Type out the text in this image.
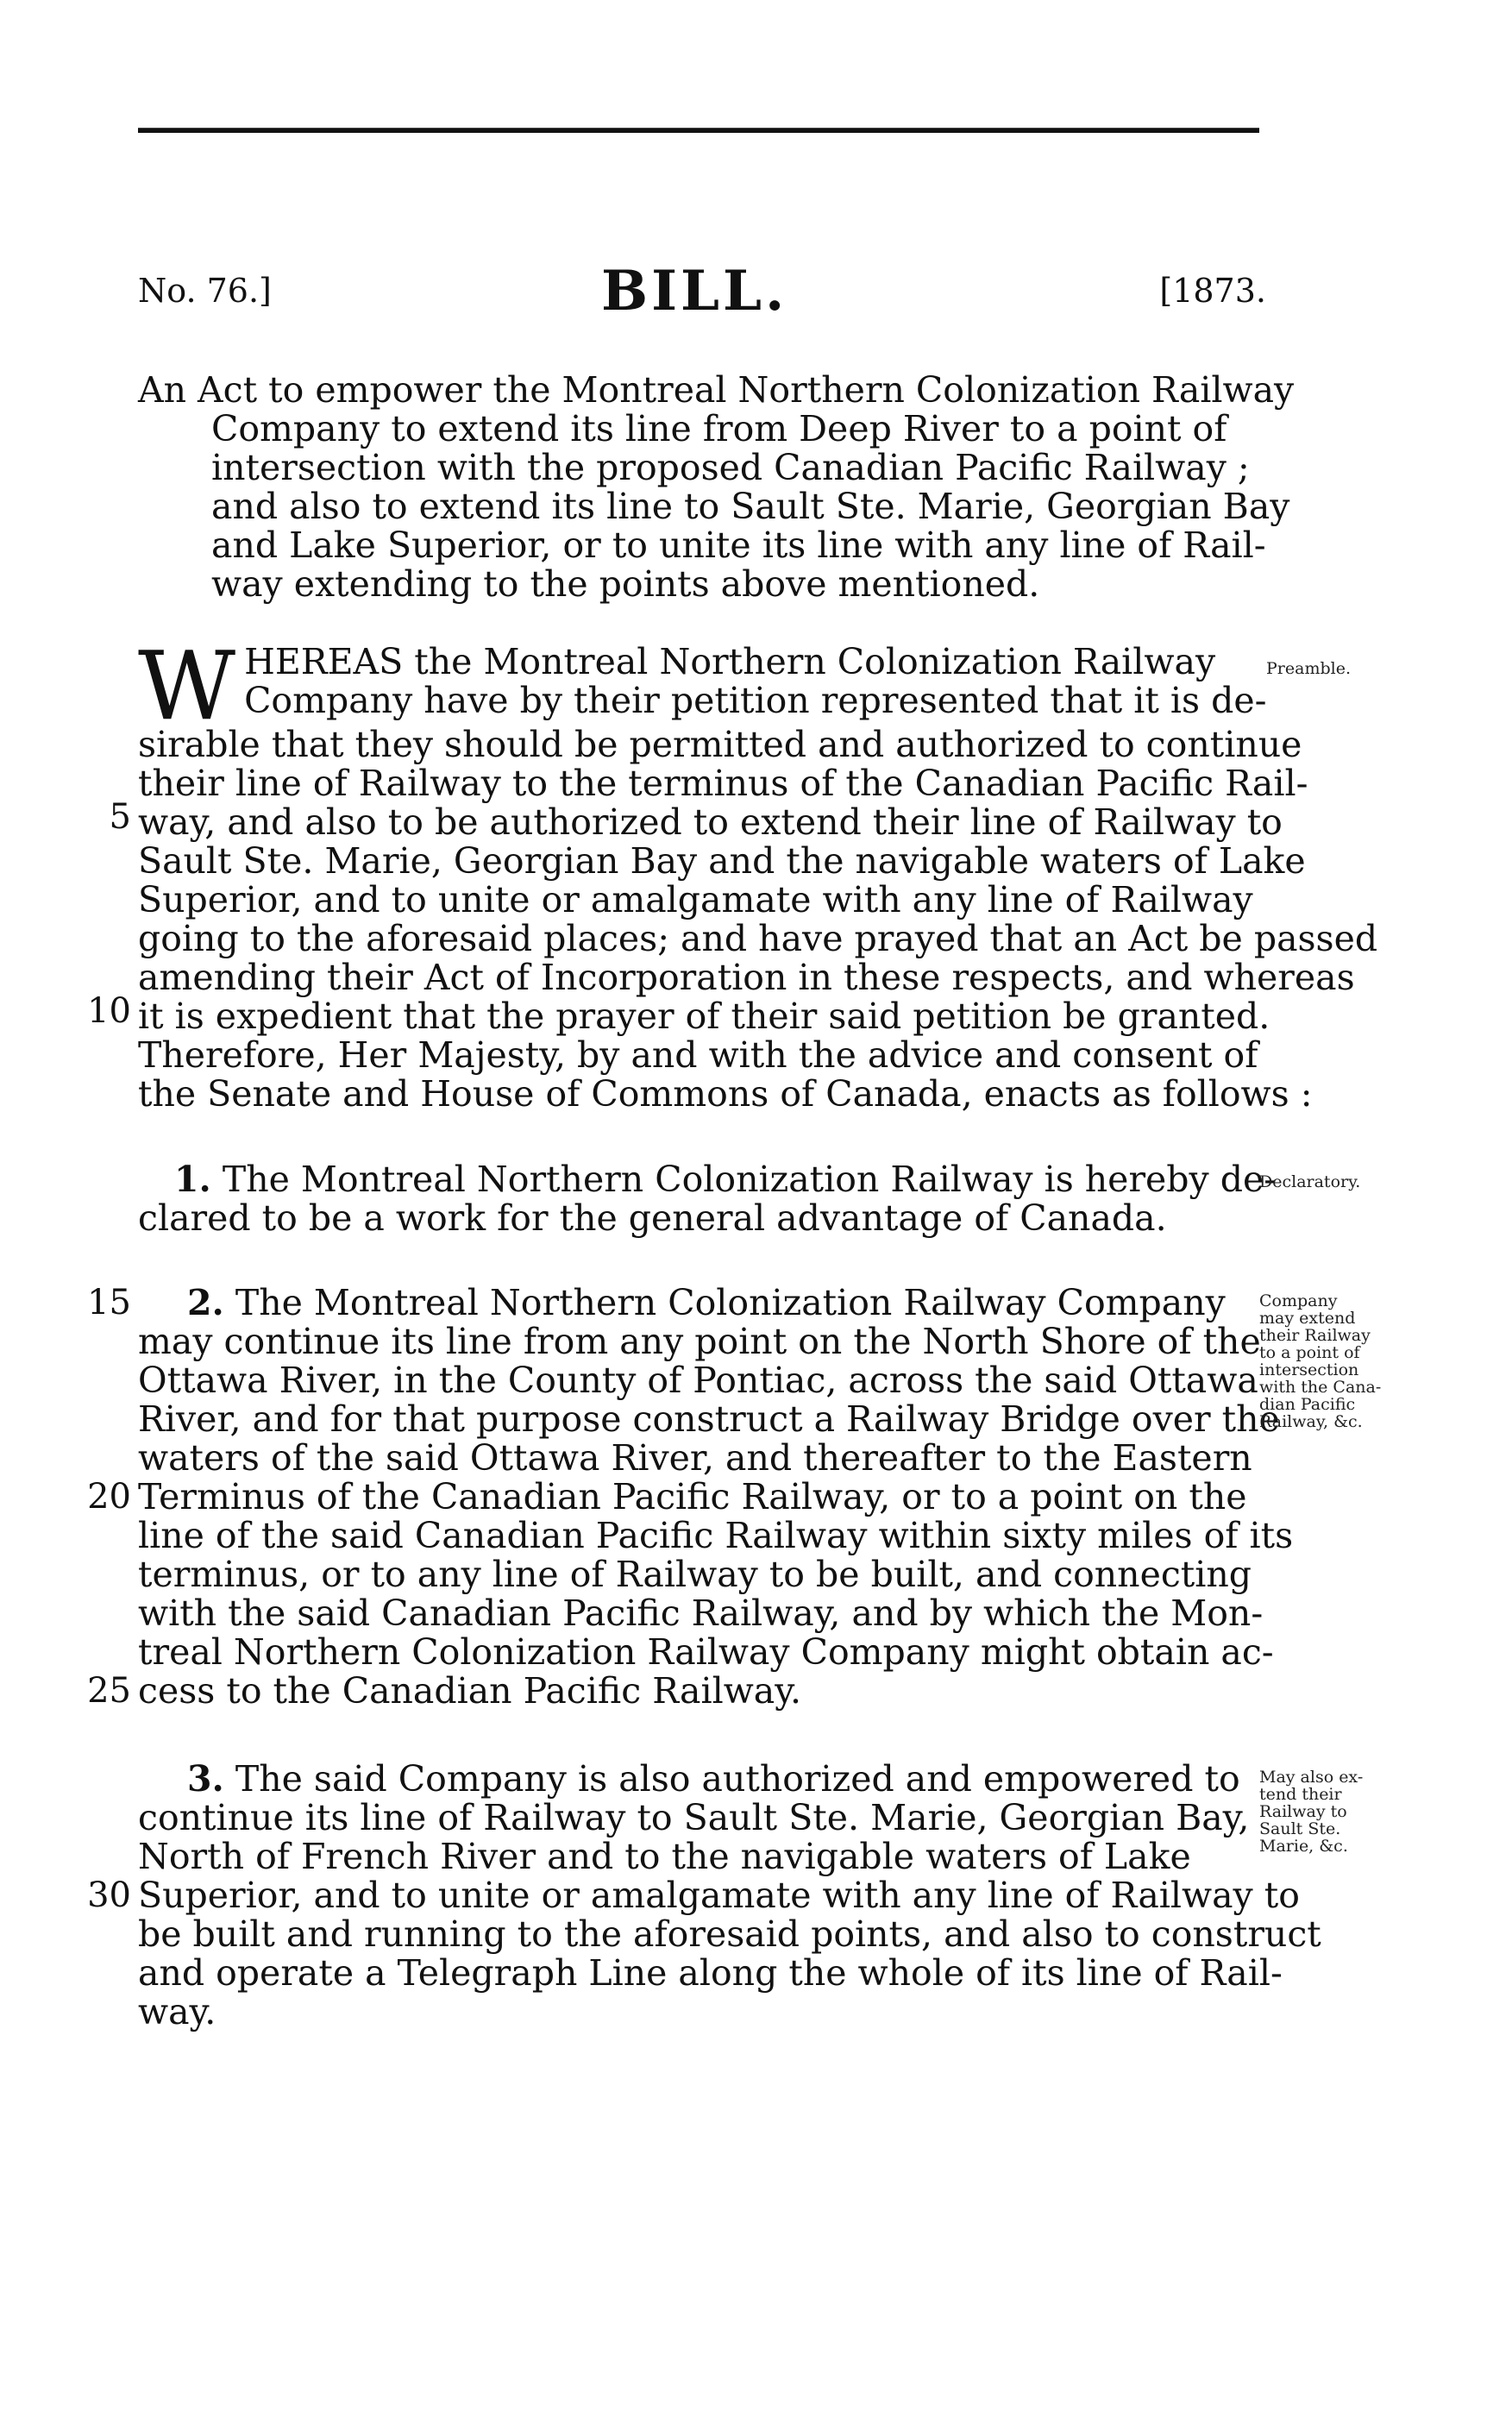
No. 76.]	BILL.	[1873.
An Act to empower the Montreal Northern Colonization Railway
Company to extend its line from Deep River to a point of
intersection with the proposed Canadian Pacific Railway ;
and also to extend its line to Sault Ste. Marie, Georgian Bay
and Lake Superior, or to unite its line with any line of Rail-
way extending to the points above mentioned.
W HEREAS the Montreal Northern Colonization Railway
Company have by their petition represented that it is de-
sirable that they should be permitted and authorized to continue
their line of Railway to the terminus of the Canadian Pacific Rail-
way, and also to be authorized to extend their line of Railway to
Sault Ste. Marie, Georgian Bay and the navigable waters of Lake
Superior, and to unite or amalgamate with any line of Railway
going to the aforesaid places; and have prayed that an Act be passed
amending their Act of Incorporation in these respects, and whereas
it is expedient that the prayer of their said petition be granted.
Therefore, Her Majesty, by and with the advice and consent of
the Senate and House of Commons of Canada, enacts as follows :
Preamble.
1. The Montreal Northern Colonization Railway is hereby de-
clared to be a work for the general advantage of Canada.
Declaratory.
2. The Montreal Northern Colonization Railway Company
may continue its line from any point on the North Shore of the
Ottawa River, in the County of Pontiac, across the said Ottawa
River, and for that purpose construct a Railway Bridge over the
waters of the said Ottawa River, and thereafter to the Eastern
Terminus of the Canadian Pacific Railway, or to a point on the
line of the said Canadian Pacific Railway within sixty miles of its
terminus, or to any line of Railway to be built, and connecting
with the said Canadian Pacific Railway, and by which the Mon-
treal Northern Colonization Railway Company might obtain ac-
cess to the Canadian Pacific Railway.
Company
may extend
their Railway
to a point of
intersection
with the Cana-
dian Pacific
Railway, &c.
3. The said Company is also authorized and empowered to
continue its line of Railway to Sault Ste. Marie, Georgian Bay,
North of French River and to the navigable waters of Lake
Superior, and to unite or amalgamate with any line of Railway to
be built and running to the aforesaid points, and also to construct
and operate a Telegraph Line along the whole of its line of Rail-
way.
May also ex-
tend their
Railway to
Sault Ste.
Marie, &c.
5
10
15
20
25
30
